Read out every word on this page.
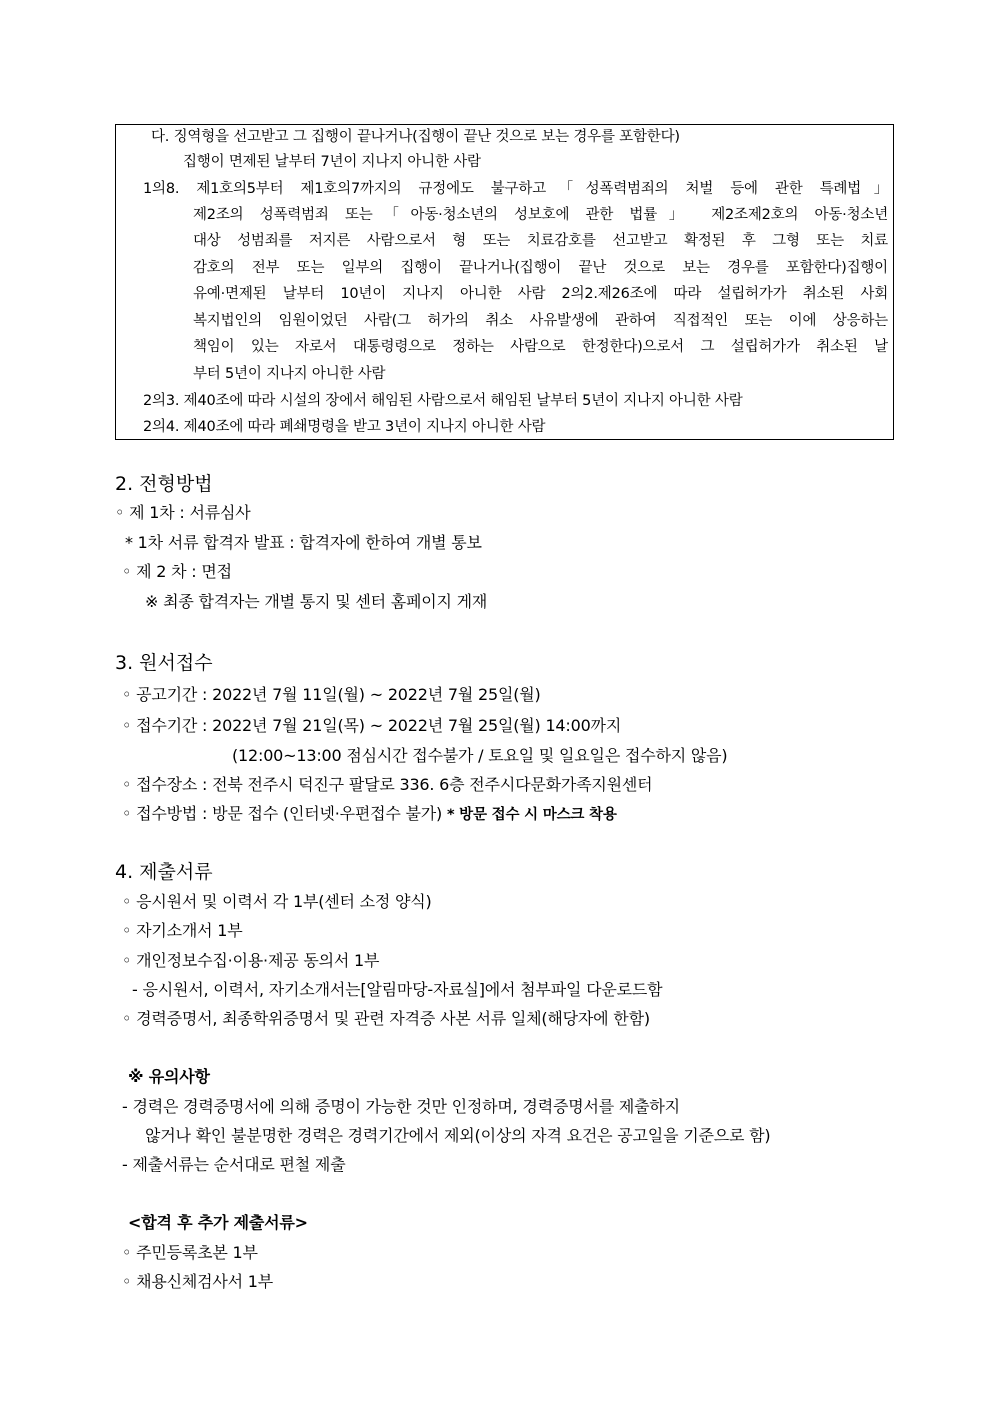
다. 징역형을 선고받고 그 집행이 끝나거나(집행이 끝난 것으로 보는 경우를 포함한다)
집행이 면제된 날부터 7년이 지나지 아니한 사람
1의8. 제1호의5부터 제1호의7까지의 규정에도 불구하고「성폭력범죄의 처벌 등에 관한 특례법」
제2조의 성폭력범죄 또는「아동·청소년의 성보호에 관한 법률」 제2조제2호의 아동·청소년
대상 성범죄를 저지른 사람으로서 형 또는 치료감호를 선고받고 확정된 후 그형 또는 치료
감호의 전부 또는 일부의 집행이 끝나거나(집행이 끝난 것으로 보는 경우를 포함한다)집행이
유예·면제된 날부터 10년이 지나지 아니한 사람 2의2.제26조에 따라 설립허가가 취소된 사회
복지법인의 임원이었던 사람(그 허가의 취소 사유발생에 관하여 직접적인 또는 이에 상응하는
책임이 있는 자로서 대통령령으로 정하는 사람으로 한정한다)으로서 그 설립허가가 취소된 날
부터 5년이 지나지 아니한 사람
2의3. 제40조에 따라 시설의 장에서 해임된 사람으로서 해임된 날부터 5년이 지나지 아니한 사람
2의4. 제40조에 따라 폐쇄명령을 받고 3년이 지나지 아니한 사람
2. 전형방법
◦ 제 1차 : 서류심사
* 1차 서류 합격자 발표 : 합격자에 한하여 개별 통보
◦ 제 2 차 : 면접
※ 최종 합격자는 개별 통지 및 센터 홈페이지 게재
3. 원서접수
◦ 공고기간 : 2022년 7월 11일(월) ~ 2022년 7월 25일(월)
◦ 접수기간 : 2022년 7월 21일(목) ~ 2022년 7월 25일(월) 14:00까지
(12:00~13:00 점심시간 접수불가 / 토요일 및 일요일은 접수하지 않음)
◦ 접수장소 : 전북 전주시 덕진구 팔달로 336. 6층 전주시다문화가족지원센터
◦ 접수방법 : 방문 접수 (인터넷·우편접수 불가) * 방문 접수 시 마스크 착용
4. 제출서류
◦ 응시원서 및 이력서 각 1부(센터 소정 양식)
◦ 자기소개서 1부
◦ 개인정보수집·이용·제공 동의서 1부
- 응시원서, 이력서, 자기소개서는[알림마당-자료실]에서 첨부파일 다운로드함
◦ 경력증명서, 최종학위증명서 및 관련 자격증 사본 서류 일체(해당자에 한함)
※ 유의사항
- 경력은 경력증명서에 의해 증명이 가능한 것만 인정하며, 경력증명서를 제출하지
않거나 확인 불분명한 경력은 경력기간에서 제외(이상의 자격 요건은 공고일을 기준으로 함)
- 제출서류는 순서대로 편철 제출
<합격 후 추가 제출서류>
◦ 주민등록초본 1부
◦ 채용신체검사서 1부
